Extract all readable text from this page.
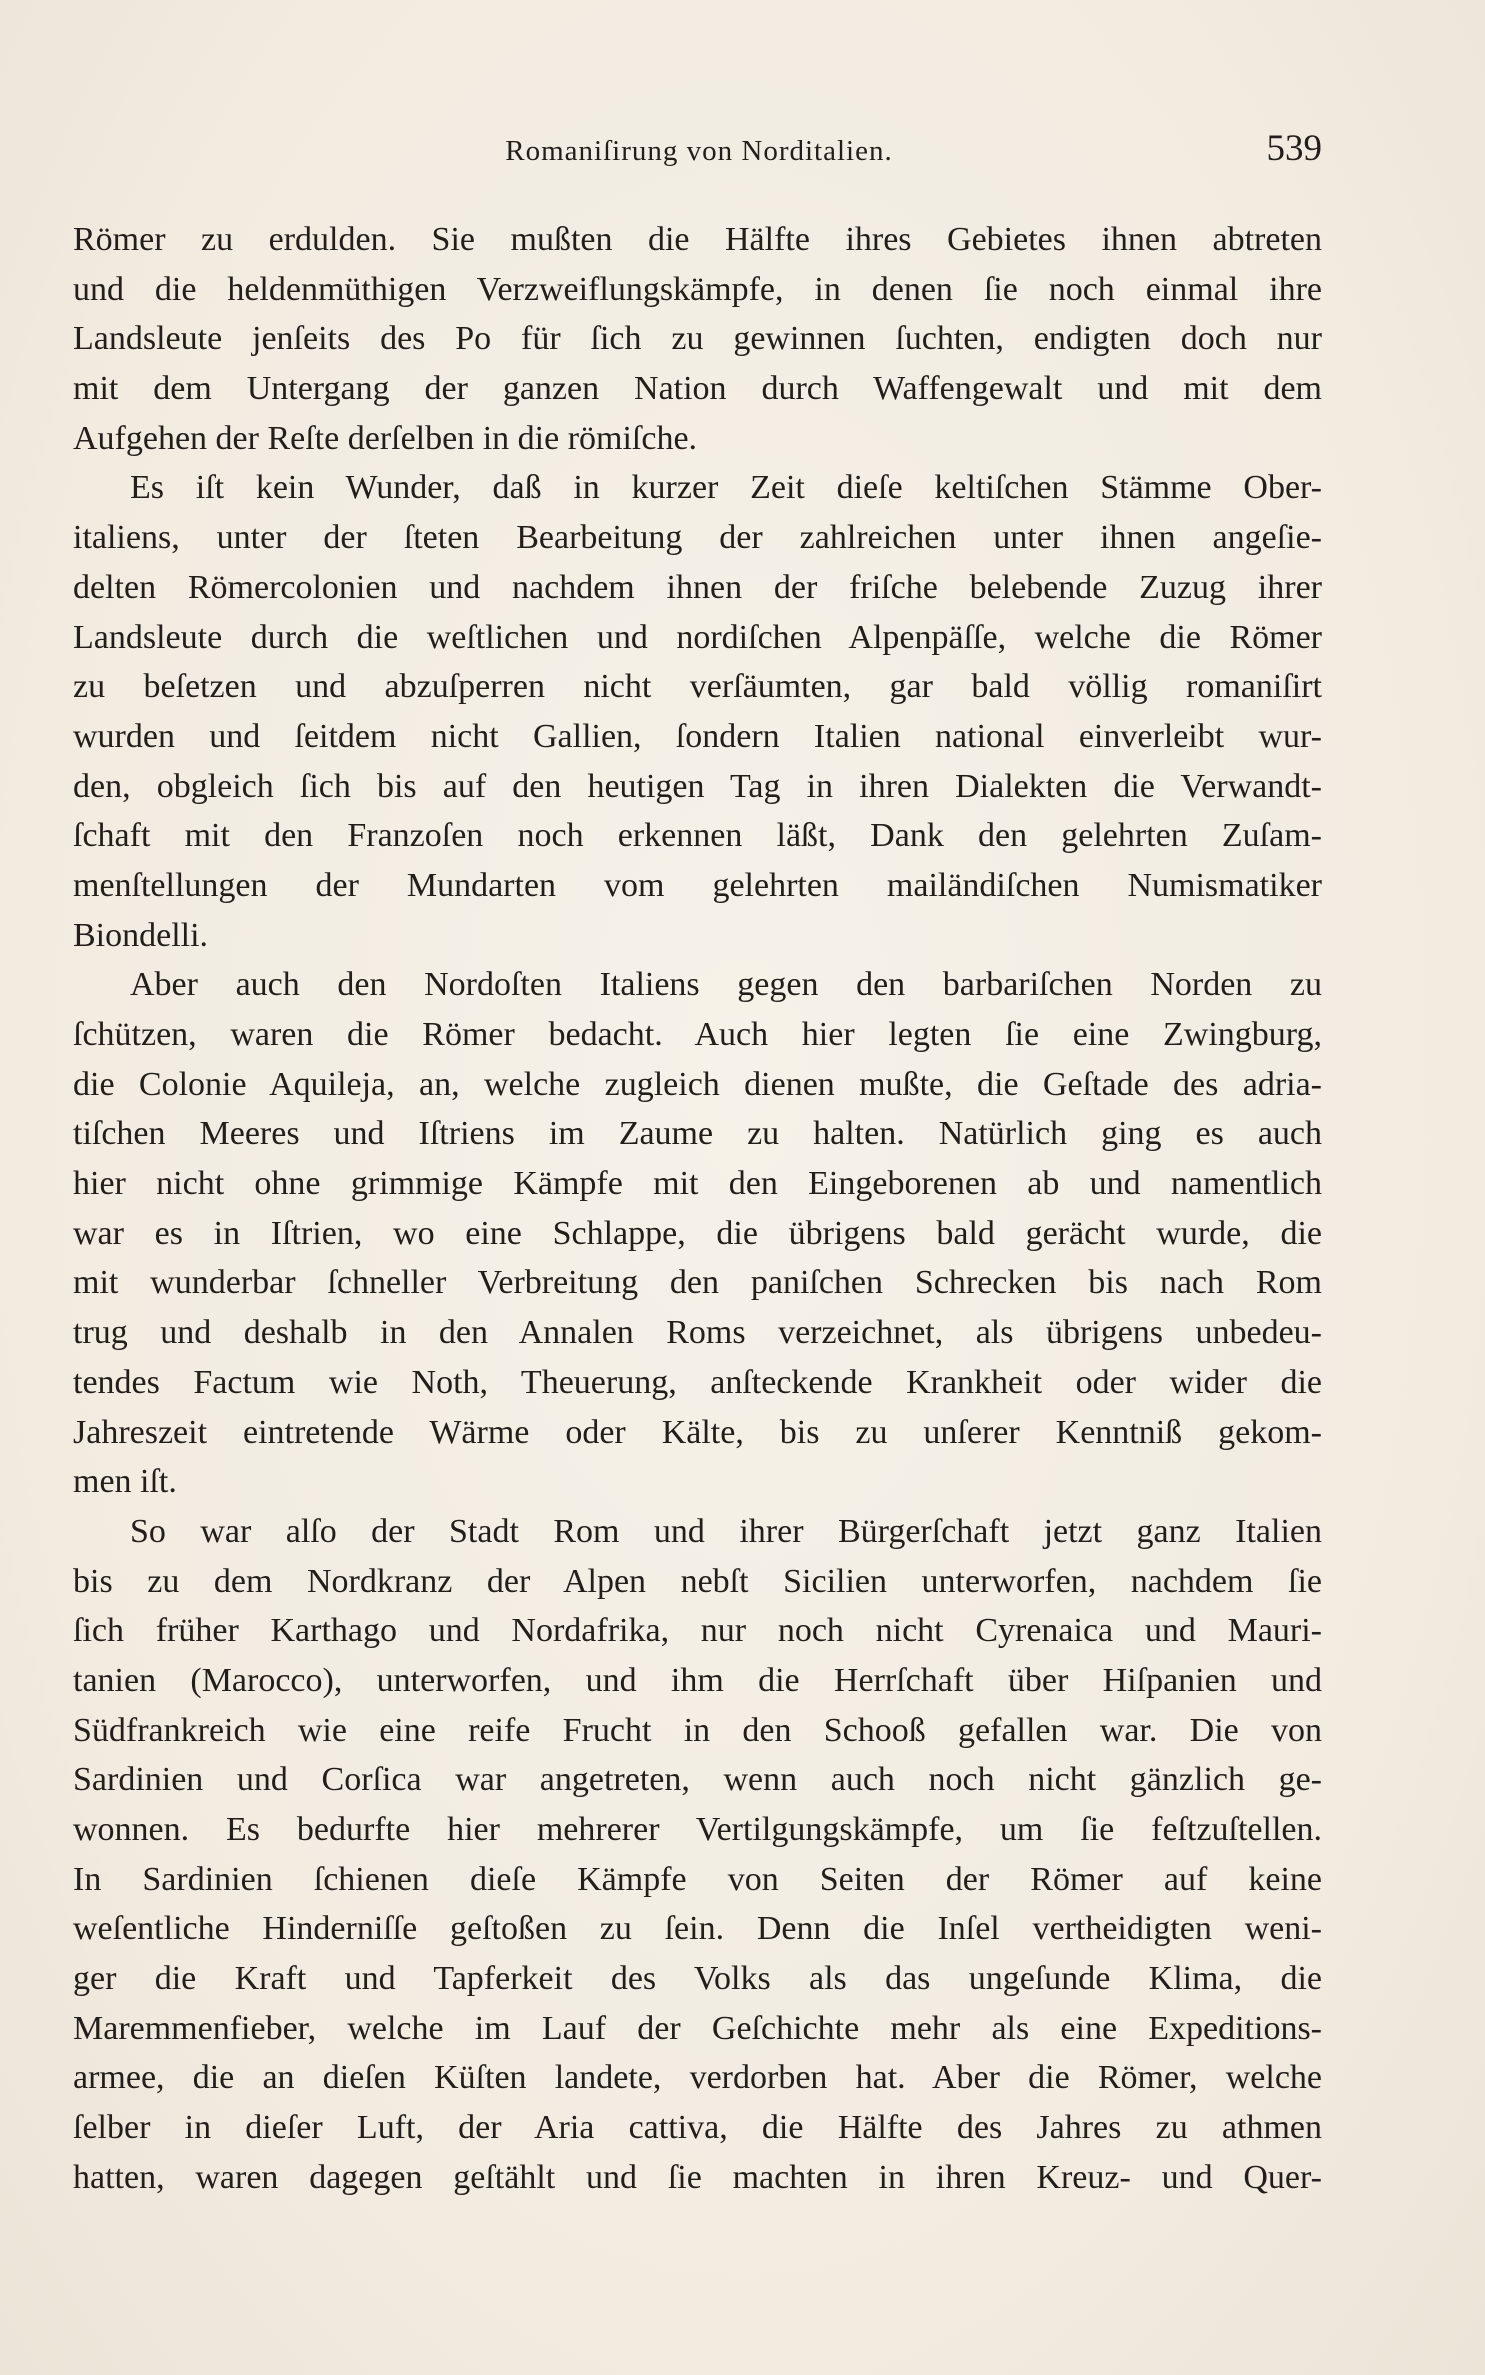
Romaniſirung von Norditalien.	539
Römer zu erdulden. Sie mußten die Hälfte ihres Gebietes ihnen abtreten
und die heldenmüthigen Verzweiflungskämpfe, in denen ſie noch einmal ihre
Landsleute jenſeits des Po für ſich zu gewinnen ſuchten, endigten doch nur
mit dem Untergang der ganzen Nation durch Waffengewalt und mit dem
Aufgehen der Reſte derſelben in die römiſche.
Es iſt kein Wunder, daß in kurzer Zeit dieſe keltiſchen Stämme Ober-
italiens, unter der ſteten Bearbeitung der zahlreichen unter ihnen angeſie-
delten Römercolonien und nachdem ihnen der friſche belebende Zuzug ihrer
Landsleute durch die weſtlichen und nordiſchen Alpenpäſſe, welche die Römer
zu beſetzen und abzuſperren nicht verſäumten, gar bald völlig romaniſirt
wurden und ſeitdem nicht Gallien, ſondern Italien national einverleibt wur-
den, obgleich ſich bis auf den heutigen Tag in ihren Dialekten die Verwandt-
ſchaft mit den Franzoſen noch erkennen läßt, Dank den gelehrten Zuſam-
menſtellungen der Mundarten vom gelehrten mailändiſchen Numismatiker
Biondelli.
Aber auch den Nordoſten Italiens gegen den barbariſchen Norden zu
ſchützen, waren die Römer bedacht. Auch hier legten ſie eine Zwingburg,
die Colonie Aquileja, an, welche zugleich dienen mußte, die Geſtade des adria-
tiſchen Meeres und Iſtriens im Zaume zu halten. Natürlich ging es auch
hier nicht ohne grimmige Kämpfe mit den Eingeborenen ab und namentlich
war es in Iſtrien, wo eine Schlappe, die übrigens bald gerächt wurde, die
mit wunderbar ſchneller Verbreitung den paniſchen Schrecken bis nach Rom
trug und deshalb in den Annalen Roms verzeichnet, als übrigens unbedeu-
tendes Factum wie Noth, Theuerung, anſteckende Krankheit oder wider die
Jahreszeit eintretende Wärme oder Kälte, bis zu unſerer Kenntniß gekom-
men iſt.
So war alſo der Stadt Rom und ihrer Bürgerſchaft jetzt ganz Italien
bis zu dem Nordkranz der Alpen nebſt Sicilien unterworfen, nachdem ſie
ſich früher Karthago und Nordafrika, nur noch nicht Cyrenaica und Mauri-
tanien (Marocco), unterworfen, und ihm die Herrſchaft über Hiſpanien und
Südfrankreich wie eine reife Frucht in den Schooß gefallen war. Die von
Sardinien und Corſica war angetreten, wenn auch noch nicht gänzlich ge-
wonnen. Es bedurfte hier mehrerer Vertilgungskämpfe, um ſie feſtzuſtellen.
In Sardinien ſchienen dieſe Kämpfe von Seiten der Römer auf keine
weſentliche Hinderniſſe geſtoßen zu ſein. Denn die Inſel vertheidigten weni-
ger die Kraft und Tapferkeit des Volks als das ungeſunde Klima, die
Maremmenfieber, welche im Lauf der Geſchichte mehr als eine Expeditions-
armee, die an dieſen Küſten landete, verdorben hat. Aber die Römer, welche
ſelber in dieſer Luft, der Aria cattiva, die Hälfte des Jahres zu athmen
hatten, waren dagegen geſtählt und ſie machten in ihren Kreuz- und Quer-
